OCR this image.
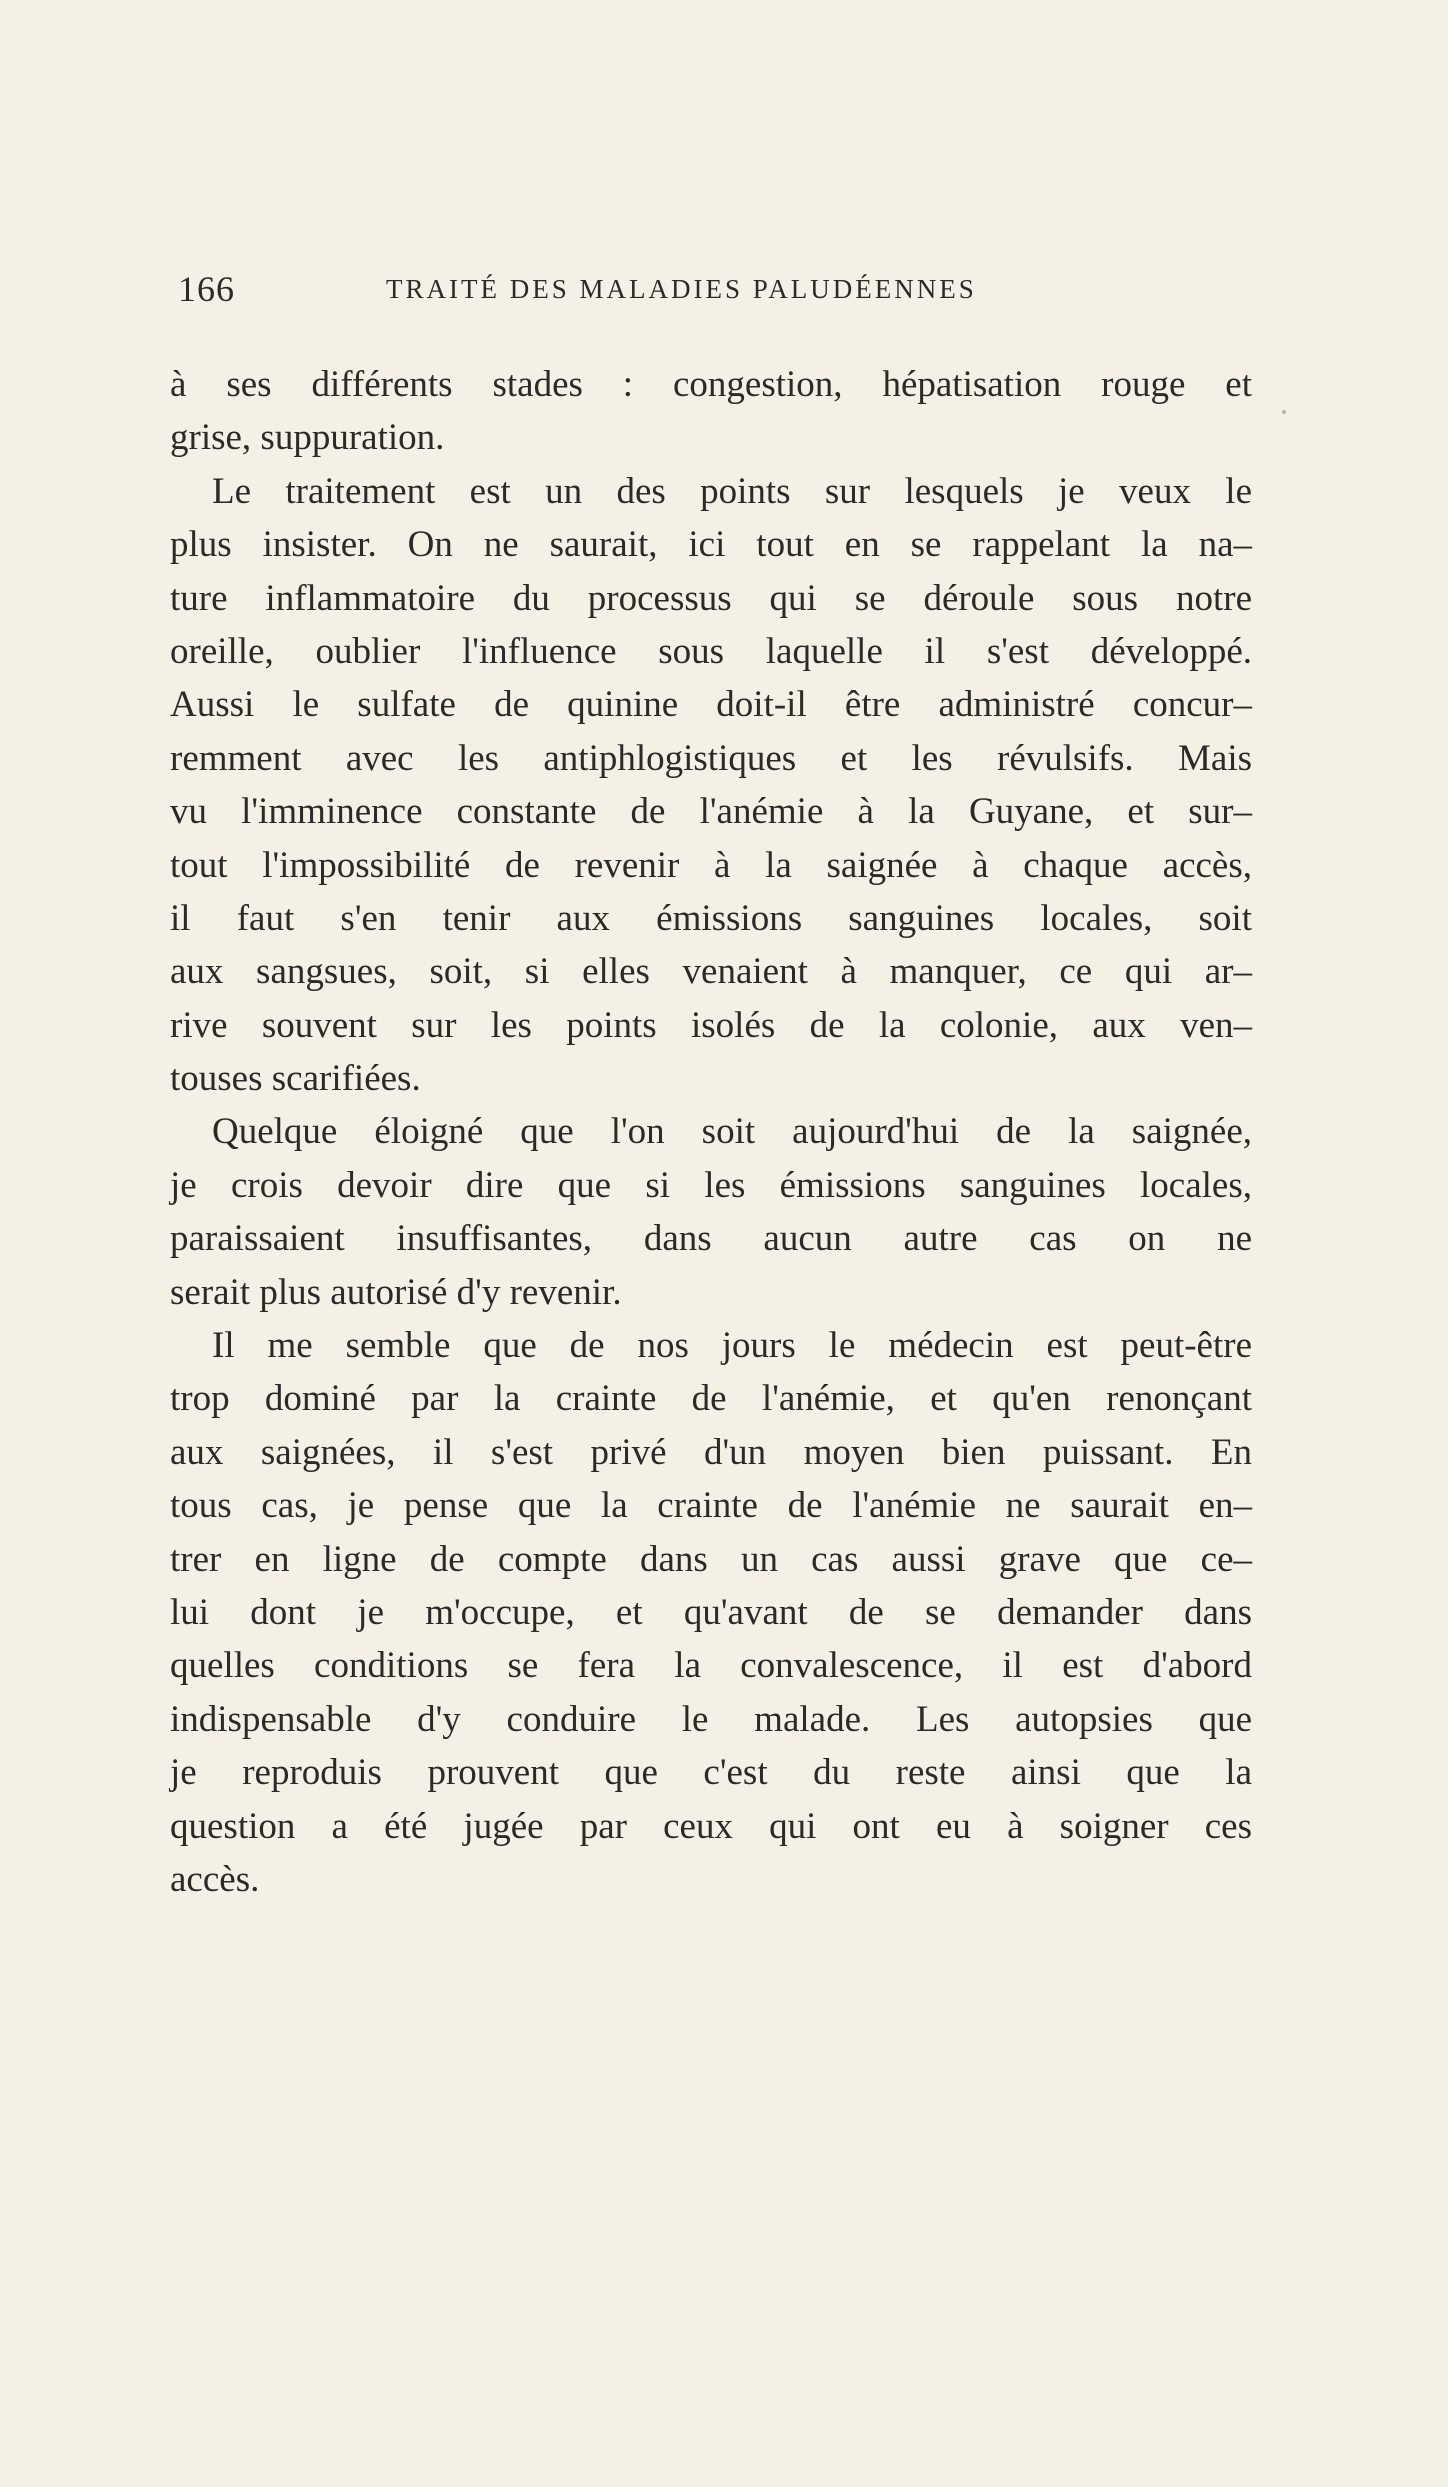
166	TRAITÉ DES MALADIES PALUDÉENNES
à ses différents stades : congestion, hépatisation rouge et
grise, suppuration.
Le traitement est un des points sur lesquels je veux le
plus insister. On ne saurait, ici tout en se rappelant la na–
ture inflammatoire du processus qui se déroule sous notre
oreille, oublier l'influence sous laquelle il s'est développé.
Aussi le sulfate de quinine doit-il être administré concur–
remment avec les antiphlogistiques et les révulsifs. Mais
vu l'imminence constante de l'anémie à la Guyane, et sur–
tout l'impossibilité de revenir à la saignée à chaque accès,
il faut s'en tenir aux émissions sanguines locales, soit
aux sangsues, soit, si elles venaient à manquer, ce qui ar–
rive souvent sur les points isolés de la colonie, aux ven–
touses scarifiées.
Quelque éloigné que l'on soit aujourd'hui de la saignée,
je crois devoir dire que si les émissions sanguines locales,
paraissaient insuffisantes, dans aucun autre cas on ne
serait plus autorisé d'y revenir.
Il me semble que de nos jours le médecin est peut-être
trop dominé par la crainte de l'anémie, et qu'en renonçant
aux saignées, il s'est privé d'un moyen bien puissant. En
tous cas, je pense que la crainte de l'anémie ne saurait en–
trer en ligne de compte dans un cas aussi grave que ce–
lui dont je m'occupe, et qu'avant de se demander dans
quelles conditions se fera la convalescence, il est d'abord
indispensable d'y conduire le malade. Les autopsies que
je reproduis prouvent que c'est du reste ainsi que la
question a été jugée par ceux qui ont eu à soigner ces
accès.
